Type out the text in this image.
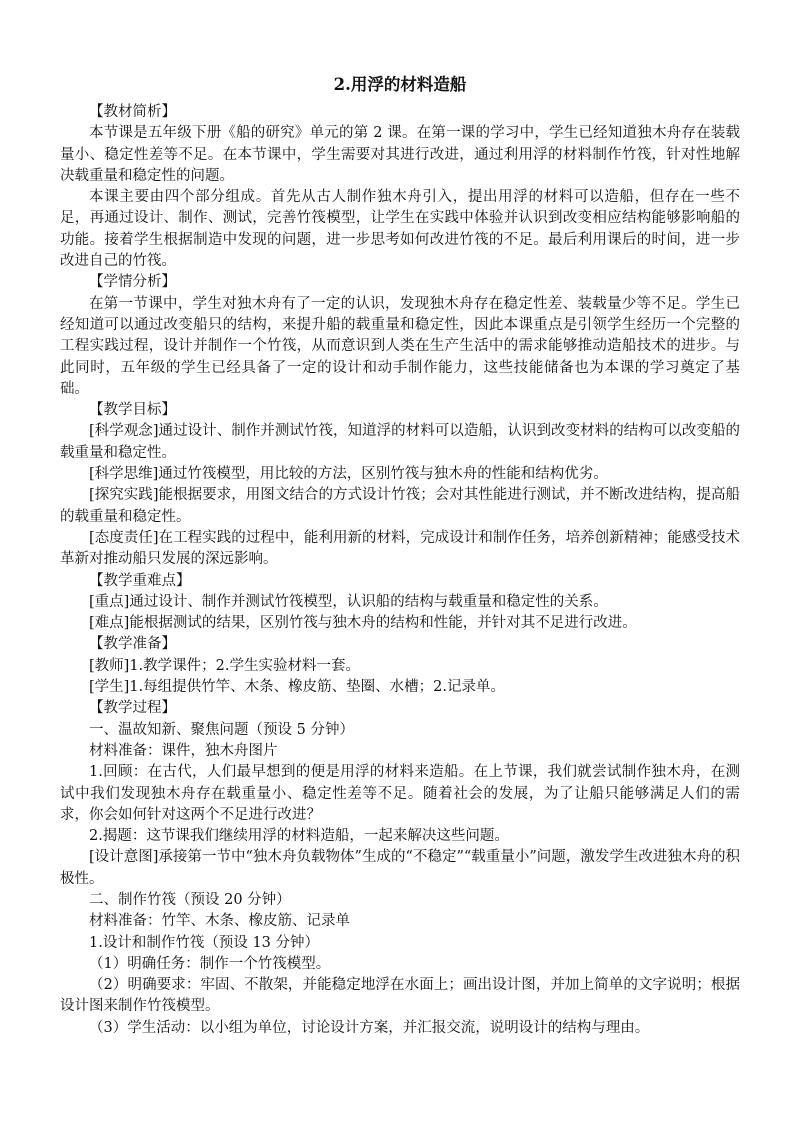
2.用浮的材料造船

【教材简析】

本节课是五年级下册《船的研究》单元的第 2 课。在第一课的学习中，学生已经知道独木舟存在装载量小、稳定性差等不足。在本节课中，学生需要对其进行改进，通过利用浮的材料制作竹筏，针对性地解决载重量和稳定性的问题。

本课主要由四个部分组成。首先从古人制作独木舟引入，提出用浮的材料可以造船，但存在一些不足，再通过设计、制作、测试，完善竹筏模型，让学生在实践中体验并认识到改变相应结构能够影响船的功能。接着学生根据制造中发现的问题，进一步思考如何改进竹筏的不足。最后利用课后的时间，进一步改进自己的竹筏。

【学情分析】

在第一节课中，学生对独木舟有了一定的认识，发现独木舟存在稳定性差、装载量少等不足。学生已经知道可以通过改变船只的结构，来提升船的载重量和稳定性，因此本课重点是引领学生经历一个完整的工程实践过程，设计并制作一个竹筏，从而意识到人类在生产生活中的需求能够推动造船技术的进步。与此同时，五年级的学生已经具备了一定的设计和动手制作能力，这些技能储备也为本课的学习奠定了基础。

【教学目标】

[科学观念]通过设计、制作并测试竹筏，知道浮的材料可以造船，认识到改变材料的结构可以改变船的载重量和稳定性。

[科学思维]通过竹筏模型，用比较的方法，区别竹筏与独木舟的性能和结构优劣。

[探究实践]能根据要求，用图文结合的方式设计竹筏；会对其性能进行测试，并不断改进结构，提高船的载重量和稳定性。

[态度责任]在工程实践的过程中，能利用新的材料，完成设计和制作任务，培养创新精神；能感受技术革新对推动船只发展的深远影响。

【教学重难点】

[重点]通过设计、制作并测试竹筏模型，认识船的结构与载重量和稳定性的关系。

[难点]能根据测试的结果，区别竹筏与独木舟的结构和性能，并针对其不足进行改进。

【教学准备】

[教师]1.教学课件；2.学生实验材料一套。

[学生]1.每组提供竹竿、木条、橡皮筋、垫圈、水槽；2.记录单。

【教学过程】

一、温故知新、聚焦问题（预设 5 分钟）

材料准备：课件，独木舟图片

1.回顾：在古代，人们最早想到的便是用浮的材料来造船。在上节课，我们就尝试制作独木舟，在测试中我们发现独木舟存在载重量小、稳定性差等不足。随着社会的发展，为了让船只能够满足人们的需求，你会如何针对这两个不足进行改进？

2.揭题：这节课我们继续用浮的材料造船，一起来解决这些问题。

[设计意图]承接第一节中“独木舟负载物体”生成的“不稳定”“载重量小”问题，激发学生改进独木舟的积极性。

二、制作竹筏（预设 20 分钟）

材料准备：竹竿、木条、橡皮筋、记录单

1.设计和制作竹筏（预设 13 分钟）

（1）明确任务：制作一个竹筏模型。

（2）明确要求：牢固、不散架，并能稳定地浮在水面上；画出设计图，并加上简单的文字说明；根据设计图来制作竹筏模型。

（3）学生活动：以小组为单位，讨论设计方案，并汇报交流，说明设计的结构与理由。
